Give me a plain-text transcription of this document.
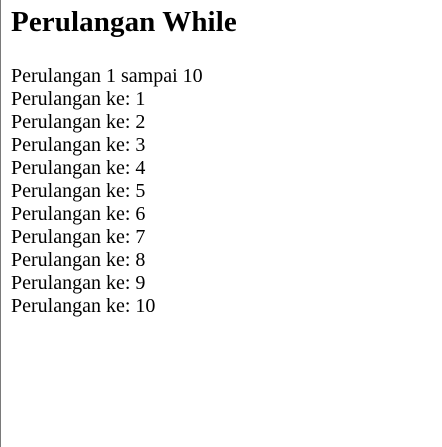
Perulangan While
Perulangan 1 sampai 10
Perulangan ke: 1
Perulangan ke: 2
Perulangan ke: 3
Perulangan ke: 4
Perulangan ke: 5
Perulangan ke: 6
Perulangan ke: 7
Perulangan ke: 8
Perulangan ke: 9
Perulangan ke: 10
